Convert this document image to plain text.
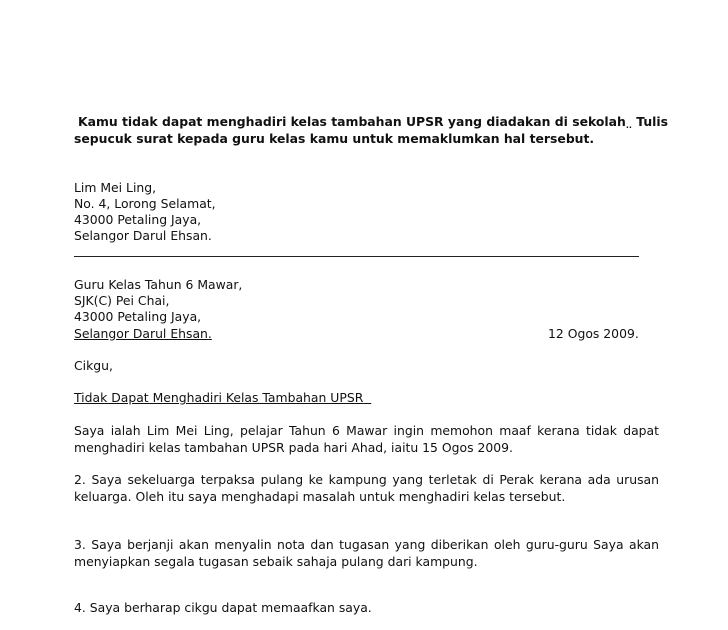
Kamu tidak dapat menghadiri kelas tambahan UPSR yang diadakan di sekolah$_{..}$ Tulis
sepucuk surat kepada guru kelas kamu untuk memaklumkan hal tersebut.
Lim Mei Ling,
No. 4, Lorong Selamat,
43000 Petaling Jaya,
Selangor Darul Ehsan.
Guru Kelas Tahun 6 Mawar,
SJK(C) Pei Chai,
43000 Petaling Jaya,
Selangor Darul Ehsan.	12 Ogos 2009.
Cikgu,
Tidak Dapat Menghadiri Kelas Tambahan UPSR
Saya ialah Lim Mei Ling, pelajar Tahun 6 Mawar ingin memohon maaf kerana tidak dapat
menghadiri kelas tambahan UPSR pada hari Ahad, iaitu 15 Ogos 2009.
2. Saya sekeluarga terpaksa pulang ke kampung yang terletak di Perak kerana ada urusan
keluarga. Oleh itu saya menghadapi masalah untuk menghadiri kelas tersebut.
3. Saya berjanji akan menyalin nota dan tugasan yang diberikan oleh guru-guru Saya akan
menyiapkan segala tugasan sebaik sahaja pulang dari kampung.
4. Saya berharap cikgu dapat memaafkan saya.
